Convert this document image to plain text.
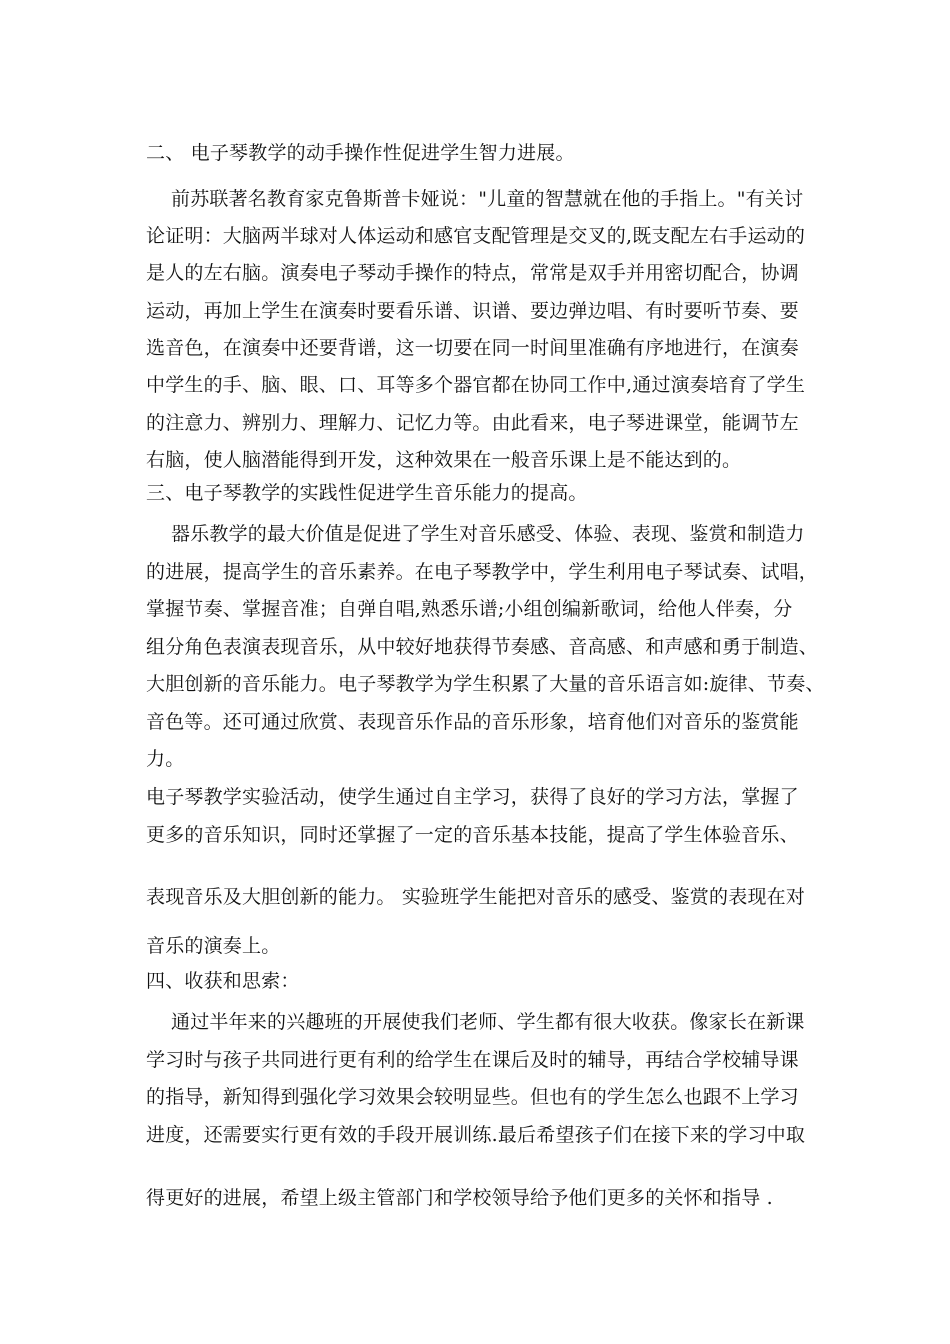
二、 电子琴教学的动手操作性促进学生智力进展。
前苏联著名教育家克鲁斯普卡娅说："儿童的智慧就在他的手指上。"有关讨
论证明：大脑两半球对人体运动和感官支配管理是交叉的,既支配左右手运动的
是人的左右脑。演奏电子琴动手操作的特点，常常是双手并用密切配合，协调
运动，再加上学生在演奏时要看乐谱、识谱、要边弹边唱、有时要听节奏、要
选音色，在演奏中还要背谱，这一切要在同一时间里准确有序地进行，在演奏
中学生的手、脑、眼、口、耳等多个器官都在协同工作中,通过演奏培育了学生
的注意力、辨别力、理解力、记忆力等。由此看来，电子琴进课堂，能调节左
右脑，使人脑潜能得到开发，这种效果在一般音乐课上是不能达到的。
三、电子琴教学的实践性促进学生音乐能力的提高。
器乐教学的最大价值是促进了学生对音乐感受、体验、表现、鉴赏和制造力
的进展，提高学生的音乐素养。在电子琴教学中，学生利用电子琴试奏、试唱，
掌握节奏、掌握音准；自弹自唱,熟悉乐谱;小组创编新歌词，给他人伴奏，分
组分角色表演表现音乐，从中较好地获得节奏感、音高感、和声感和勇于制造、
大胆创新的音乐能力。电子琴教学为学生积累了大量的音乐语言如:旋律、节奏、
音色等。还可通过欣赏、表现音乐作品的音乐形象，培育他们对音乐的鉴赏能
力。
电子琴教学实验活动，使学生通过自主学习，获得了良好的学习方法，掌握了
更多的音乐知识，同时还掌握了一定的音乐基本技能，提高了学生体验音乐、
表现音乐及大胆创新的能力。 实验班学生能把对音乐的感受、鉴赏的表现在对
音乐的演奏上。
四、收获和思索：
通过半年来的兴趣班的开展使我们老师、学生都有很大收获。像家长在新课
学习时与孩子共同进行更有利的给学生在课后及时的辅导，再结合学校辅导课
的指导，新知得到强化学习效果会较明显些。但也有的学生怎么也跟不上学习
进度，还需要实行更有效的手段开展训练.最后希望孩子们在接下来的学习中取
得更好的进展，希望上级主管部门和学校领导给予他们更多的关怀和指导 .
